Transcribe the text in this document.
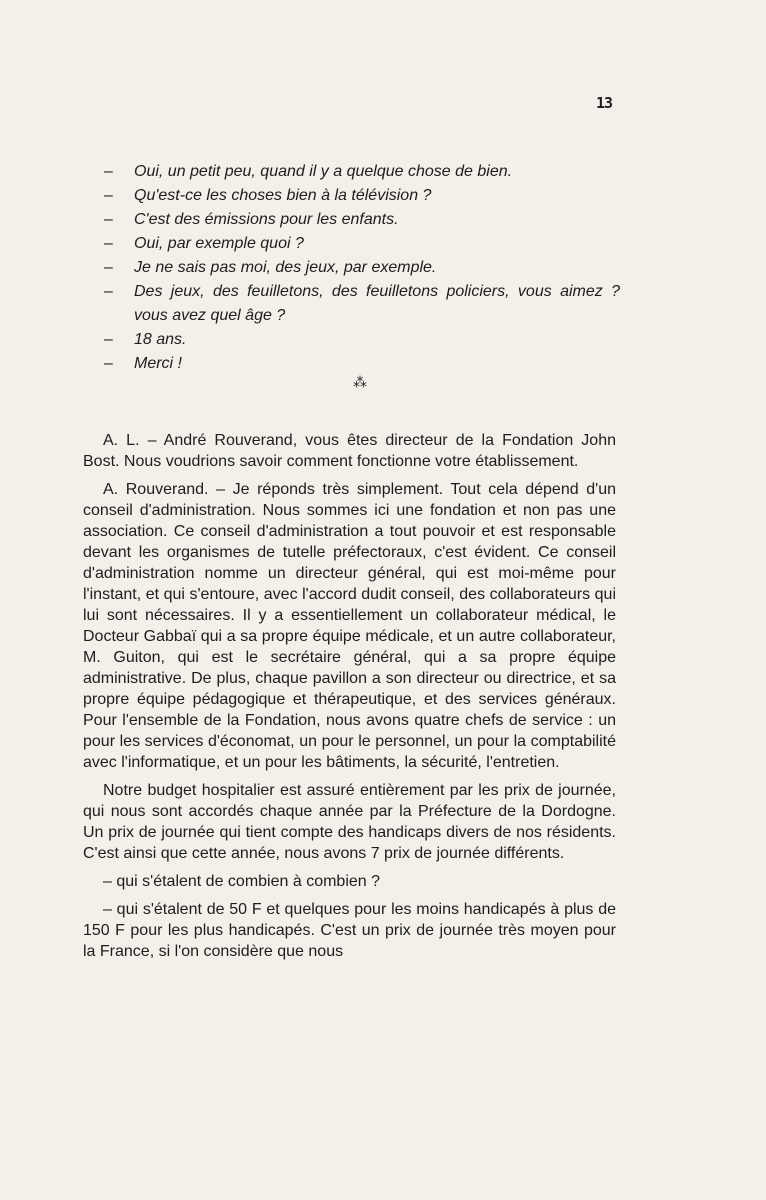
13
–	Oui, un petit peu, quand il y a quelque chose de bien.
–	Qu'est-ce les choses bien à la télévision ?
–	C'est des émissions pour les enfants.
–	Oui, par exemple quoi ?
–	Je ne sais pas moi, des jeux, par exemple.
–	Des jeux, des feuilletons, des feuilletons policiers, vous aimez ? vous avez quel âge ?
–	18 ans.
–	Merci !
⁂

A. L. – André Rouverand, vous êtes directeur de la Fondation John Bost. Nous voudrions savoir comment fonctionne votre établissement.

A. Rouverand. – Je réponds très simplement. Tout cela dépend d'un conseil d'administration. Nous sommes ici une fondation et non pas une association. Ce conseil d'administration a tout pouvoir et est responsable devant les organismes de tutelle préfectoraux, c'est évident. Ce conseil d'administration nomme un directeur général, qui est moi-même pour l'instant, et qui s'entoure, avec l'accord dudit conseil, des collaborateurs qui lui sont nécessaires. Il y a essentiellement un collaborateur médical, le Docteur Gabbaï qui a sa propre équipe médicale, et un autre collaborateur, M. Guiton, qui est le secrétaire général, qui a sa propre équipe administrative. De plus, chaque pavillon a son directeur ou directrice, et sa propre équipe pédagogique et thérapeutique, et des services généraux. Pour l'ensemble de la Fondation, nous avons quatre chefs de service : un pour les services d'économat, un pour le personnel, un pour la comptabilité avec l'informatique, et un pour les bâtiments, la sécurité, l'entretien.

Notre budget hospitalier est assuré entièrement par les prix de journée, qui nous sont accordés chaque année par la Préfecture de la Dordogne. Un prix de journée qui tient compte des handicaps divers de nos résidents. C'est ainsi que cette année, nous avons 7 prix de journée différents.

– qui s'étalent de combien à combien ?

– qui s'étalent de 50 F et quelques pour les moins handicapés à plus de 150 F pour les plus handicapés. C'est un prix de journée très moyen pour la France, si l'on considère que nous
